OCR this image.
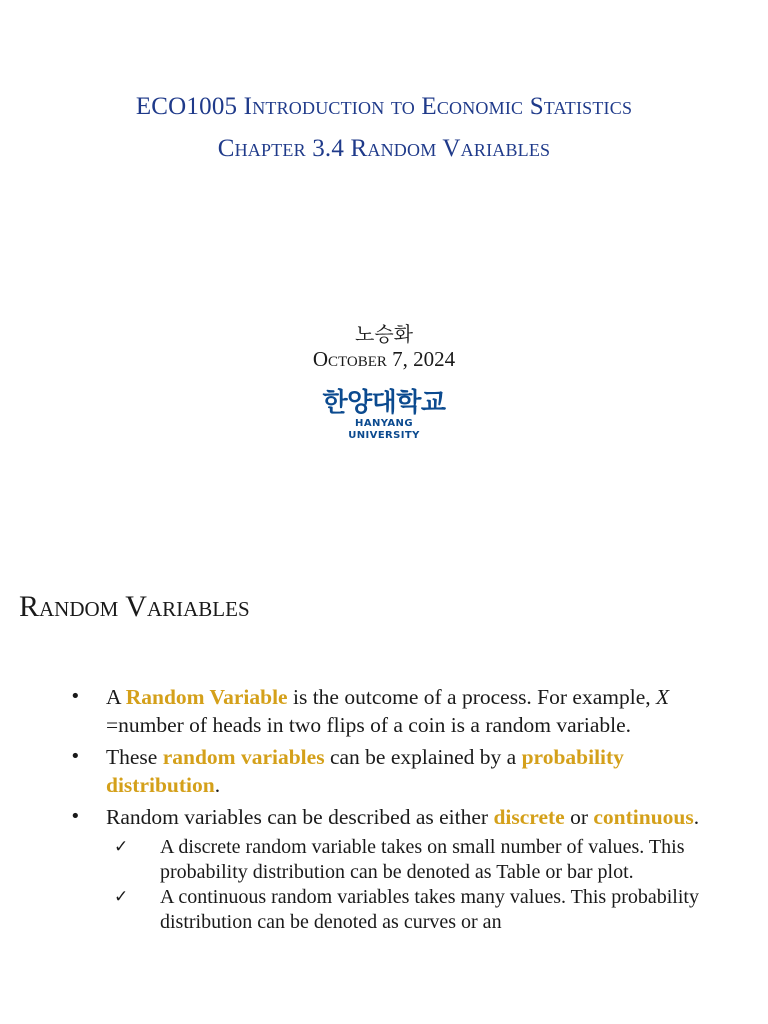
ECO1005 Introduction to Economic Statistics
Chapter 3.4 Random Variables
노승화
October 7, 2024
한양대학교
HANYANG UNIVERSITY
Random Variables
• A Random Variable is the outcome of a process. For example, X =number of heads in two flips of a coin is a random variable.
• These random variables can be explained by a probability distribution.
• Random variables can be described as either discrete or continuous.
✓ A discrete random variable takes on small number of values. This probability distribution can be denoted as Table or bar plot.
✓ A continuous random variables takes many values. This probability distribution can be denoted as curves or an
